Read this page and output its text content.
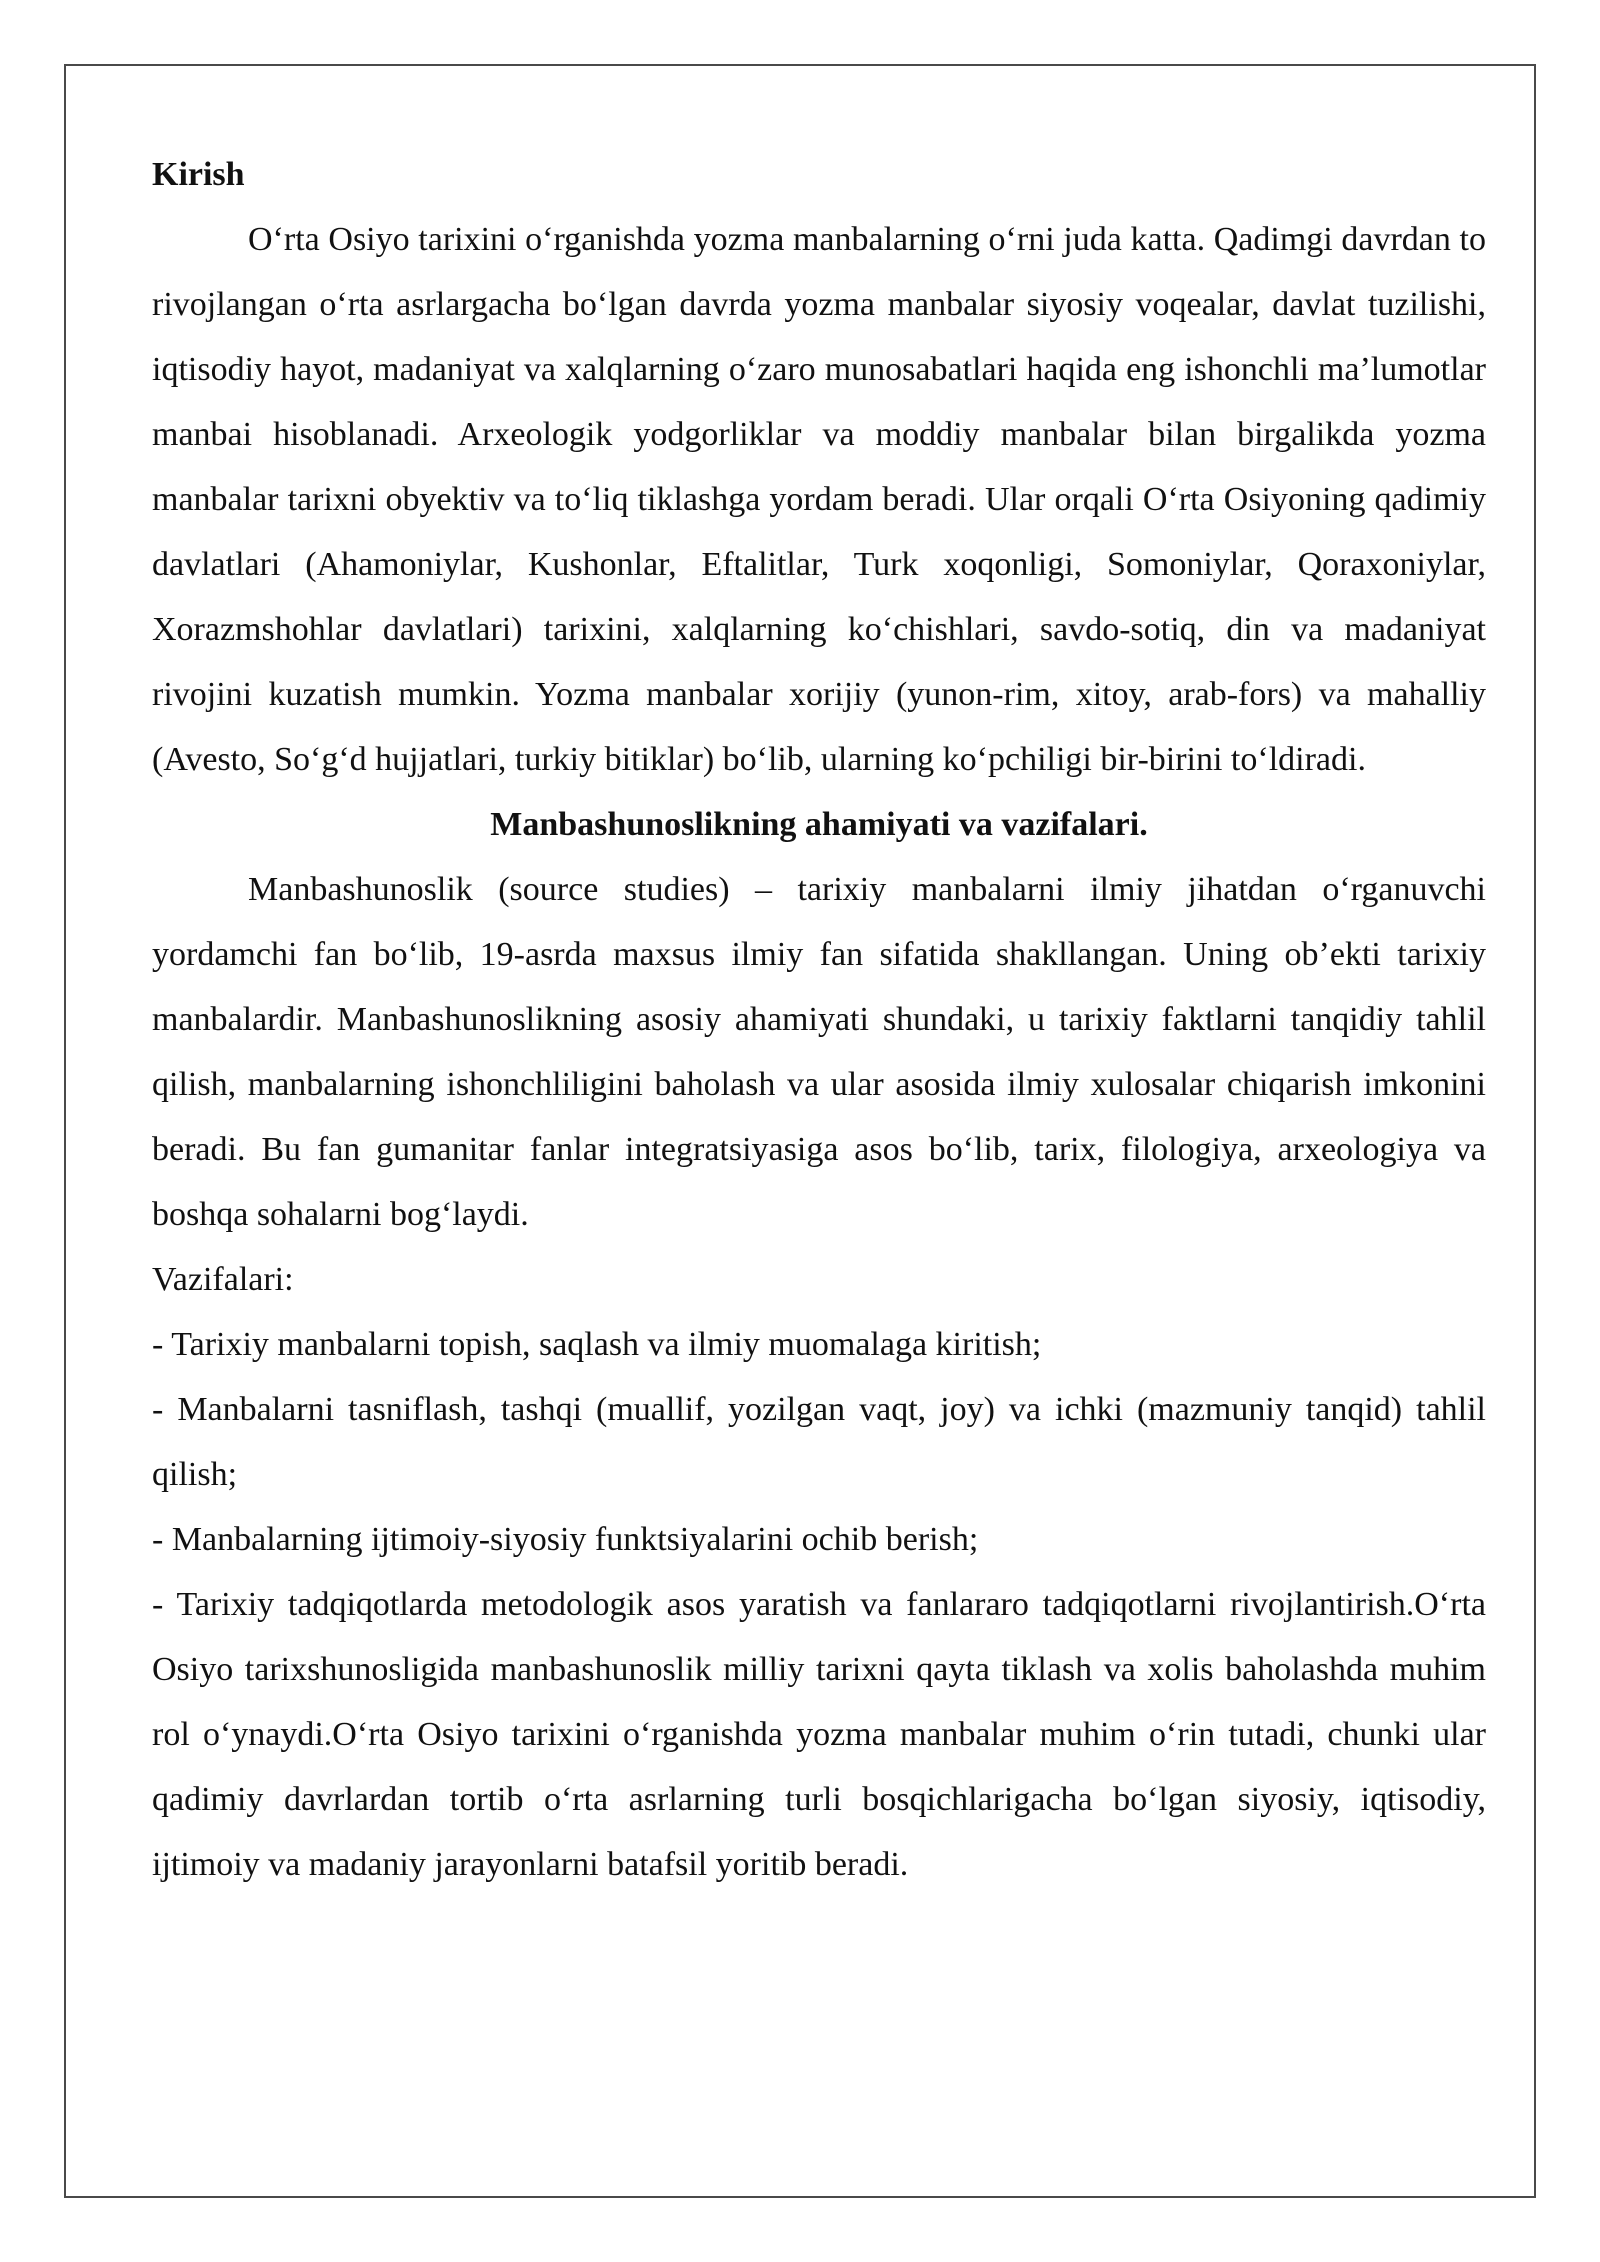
Kirish

O‘rta Osiyo tarixini o‘rganishda yozma manbalarning o‘rni juda katta. Qadimgi davrdan to rivojlangan o‘rta asrlargacha bo‘lgan davrda yozma manbalar siyosiy voqealar, davlat tuzilishi, iqtisodiy hayot, madaniyat va xalqlarning o‘zaro munosabatlari haqida eng ishonchli ma’lumotlar manbai hisoblanadi. Arxeologik yodgorliklar va moddiy manbalar bilan birgalikda yozma manbalar tarixni obyektiv va to‘liq tiklashga yordam beradi. Ular orqali O‘rta Osiyoning qadimiy davlatlari (Ahamoniylar, Kushonlar, Eftalitlar, Turk xoqonligi, Somoniylar, Qoraxoniylar, Xorazmshohlar davlatlari) tarixini, xalqlarning ko‘chishlari, savdo-sotiq, din va madaniyat rivojini kuzatish mumkin. Yozma manbalar xorijiy (yunon-rim, xitoy, arab-fors) va mahalliy (Avesto, So‘g‘d hujjatlari, turkiy bitiklar) bo‘lib, ularning ko‘pchiligi bir-birini to‘ldiradi.

Manbashunoslikning ahamiyati va vazifalari.

Manbashunoslik (source studies) – tarixiy manbalarni ilmiy jihatdan o‘rganuvchi yordamchi fan bo‘lib, 19-asrda maxsus ilmiy fan sifatida shakllangan. Uning ob’ekti tarixiy manbalardir. Manbashunoslikning asosiy ahamiyati shundaki, u tarixiy faktlarni tanqidiy tahlil qilish, manbalarning ishonchliligini baholash va ular asosida ilmiy xulosalar chiqarish imkonini beradi. Bu fan gumanitar fanlar integratsiyasiga asos bo‘lib, tarix, filologiya, arxeologiya va boshqa sohalarni bog‘laydi.

Vazifalari:

- Tarixiy manbalarni topish, saqlash va ilmiy muomalaga kiritish;

- Manbalarni tasniflash, tashqi (muallif, yozilgan vaqt, joy) va ichki (mazmuniy tanqid) tahlil qilish;

- Manbalarning ijtimoiy-siyosiy funktsiyalarini ochib berish;

- Tarixiy tadqiqotlarda metodologik asos yaratish va fanlararo tadqiqotlarni rivojlantirish.O‘rta Osiyo tarixshunosligida manbashunoslik milliy tarixni qayta tiklash va xolis baholashda muhim rol o‘ynaydi.O‘rta Osiyo tarixini o‘rganishda yozma manbalar muhim o‘rin tutadi, chunki ular qadimiy davrlardan tortib o‘rta asrlarning turli bosqichlarigacha bo‘lgan siyosiy, iqtisodiy, ijtimoiy va madaniy jarayonlarni batafsil yoritib beradi.
